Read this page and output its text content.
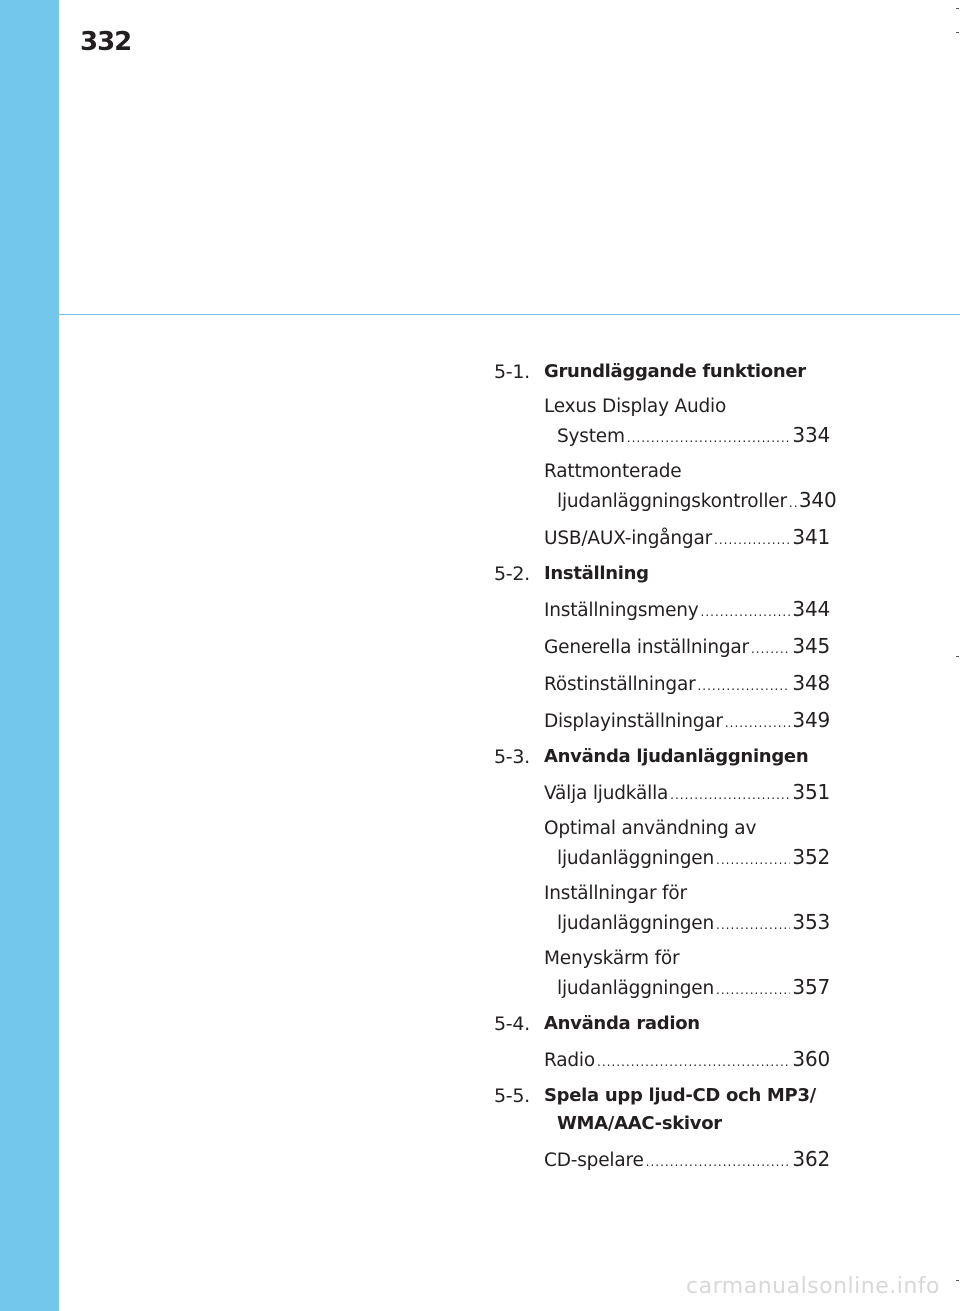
332

5-1. Grundläggande funktioner
Lexus Display Audio
System .....	334
Rattmonterade
ljudanläggningskontroller ..... 340
USB/AUX-ingångar .....	341
5-2. Inställning
Inställningsmeny .....	344
Generella inställningar ..... 345
Röstinställningar .....	348
Displayinställningar .....	349
5-3. Använda ljudanläggningen
Välja ljudkälla .....	351
Optimal användning av
ljudanläggningen .....	352
Inställningar för
ljudanläggningen .....	353
Menyskärm för
ljudanläggningen .....	357
5-4. Använda radion
Radio .....	360
5-5. Spela upp ljud-CD och MP3/
WMA/AAC-skivor
CD-spelare .....	362
carmanualsonline.info
